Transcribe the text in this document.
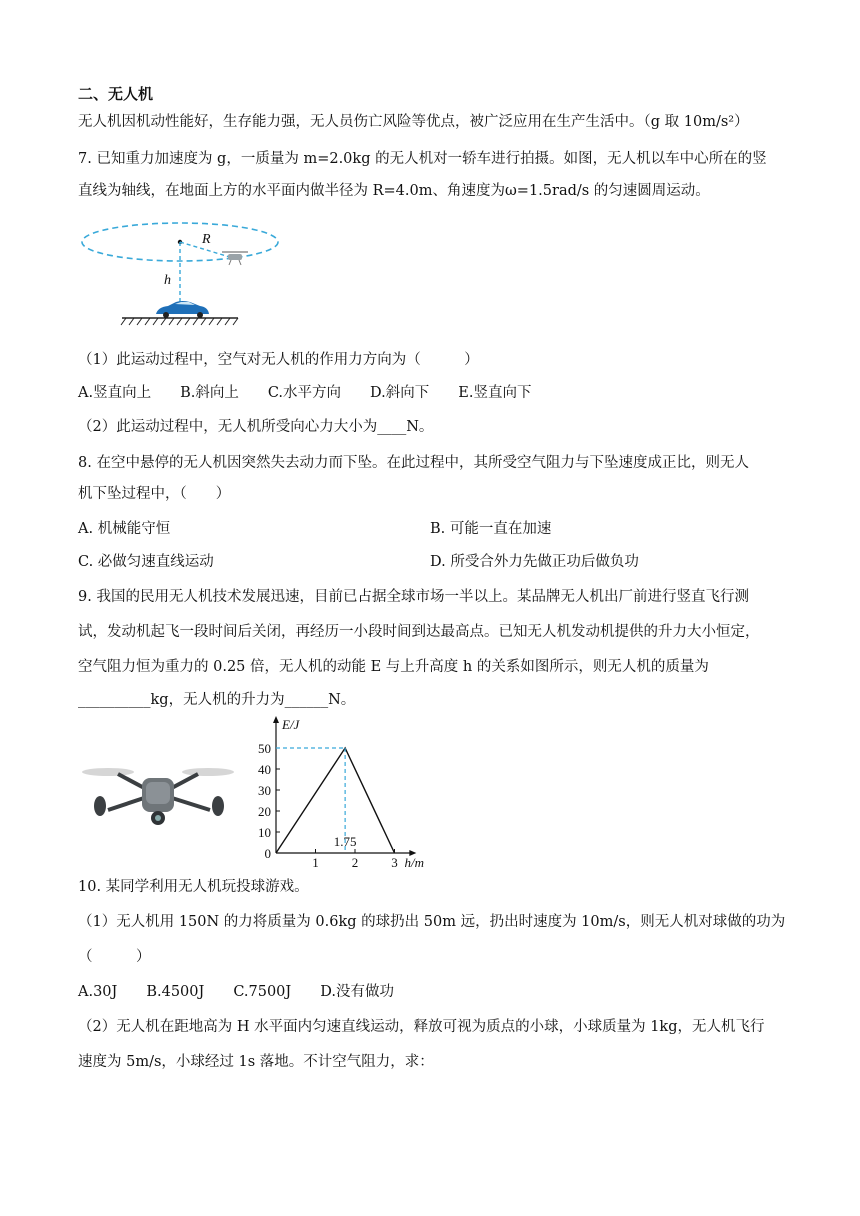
二、无人机
无人机因机动性能好，生存能力强，无人员伤亡风险等优点，被广泛应用在生产生活中。（g 取 10m/s²）
7. 已知重力加速度为 g，一质量为 m=2.0kg 的无人机对一轿车进行拍摄。如图，无人机以车中心所在的竖
直线为轴线，在地面上方的水平面内做半径为 R=4.0m、角速度为ω=1.5rad/s 的匀速圆周运动。
R
h
（1）此运动过程中，空气对无人机的作用力方向为（　　　）
A.竖直向上　　B.斜向上　　C.水平方向　　D.斜向下　　E.竖直向下
（2）此运动过程中，无人机所受向心力大小为____N。
8. 在空中悬停的无人机因突然失去动力而下坠。在此过程中，其所受空气阻力与下坠速度成正比，则无人
机下坠过程中，（　　）
A. 机械能守恒	B. 可能一直在加速
C. 必做匀速直线运动	D. 所受合外力先做正功后做负功
9. 我国的民用无人机技术发展迅速，目前已占据全球市场一半以上。某品牌无人机出厂前进行竖直飞行测
试，发动机起飞一段时间后关闭，再经历一小段时间到达最高点。已知无人机发动机提供的升力大小恒定，
空气阻力恒为重力的 0.25 倍，无人机的动能 E 与上升高度 h 的关系如图所示，则无人机的质量为
__________kg，无人机的升力为______N。
0
10
20
30
40
50
1	2	3
E/J
h/m
1.75
10. 某同学利用无人机玩投球游戏。
（1）无人机用 150N 的力将质量为 0.6kg 的球扔出 50m 远，扔出时速度为 10m/s，则无人机对球做的功为
（　　　）
A.30J　　B.4500J　　C.7500J　　D.没有做功
（2）无人机在距地高为 H 水平面内匀速直线运动，释放可视为质点的小球，小球质量为 1kg，无人机飞行
速度为 5m/s，小球经过 1s 落地。不计空气阻力，求：
